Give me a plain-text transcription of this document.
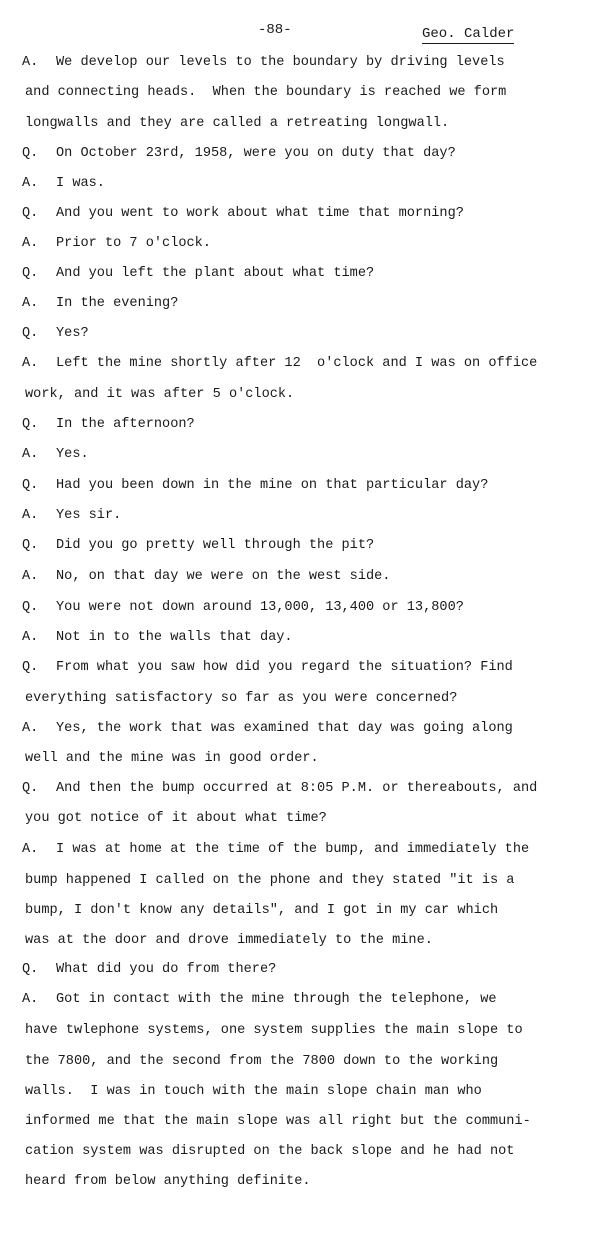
-88-	Geo. Calder
A. We develop our levels to the boundary by driving levels
and connecting heads.  When the boundary is reached we form
longwalls and they are called a retreating longwall.
Q. On October 23rd, 1958, were you on duty that day?
A. I was.
Q. And you went to work about what time that morning?
A. Prior to 7 o'clock.
Q. And you left the plant about what time?
A. In the evening?
Q. Yes?
A. Left the mine shortly after 12  o'clock and I was on office
work, and it was after 5 o'clock.
Q. In the afternoon?
A. Yes.
Q. Had you been down in the mine on that particular day?
A. Yes sir.
Q. Did you go pretty well through the pit?
A. No, on that day we were on the west side.
Q. You were not down around 13,000, 13,400 or 13,800?
A. Not in to the walls that day.
Q. From what you saw how did you regard the situation? Find
everything satisfactory so far as you were concerned?
A. Yes, the work that was examined that day was going along
well and the mine was in good order.
Q. And then the bump occurred at 8:05 P.M. or thereabouts, and
you got notice of it about what time?
A. I was at home at the time of the bump, and immediately the
bump happened I called on the phone and they stated "it is a
bump, I don't know any details", and I got in my car which
was at the door and drove immediately to the mine.
Q. What did you do from there?
A. Got in contact with the mine through the telephone, we
have twlephone systems, one system supplies the main slope to
the 7800, and the second from the 7800 down to the working
walls.  I was in touch with the main slope chain man who
informed me that the main slope was all right but the communi-
cation system was disrupted on the back slope and he had not
heard from below anything definite.
